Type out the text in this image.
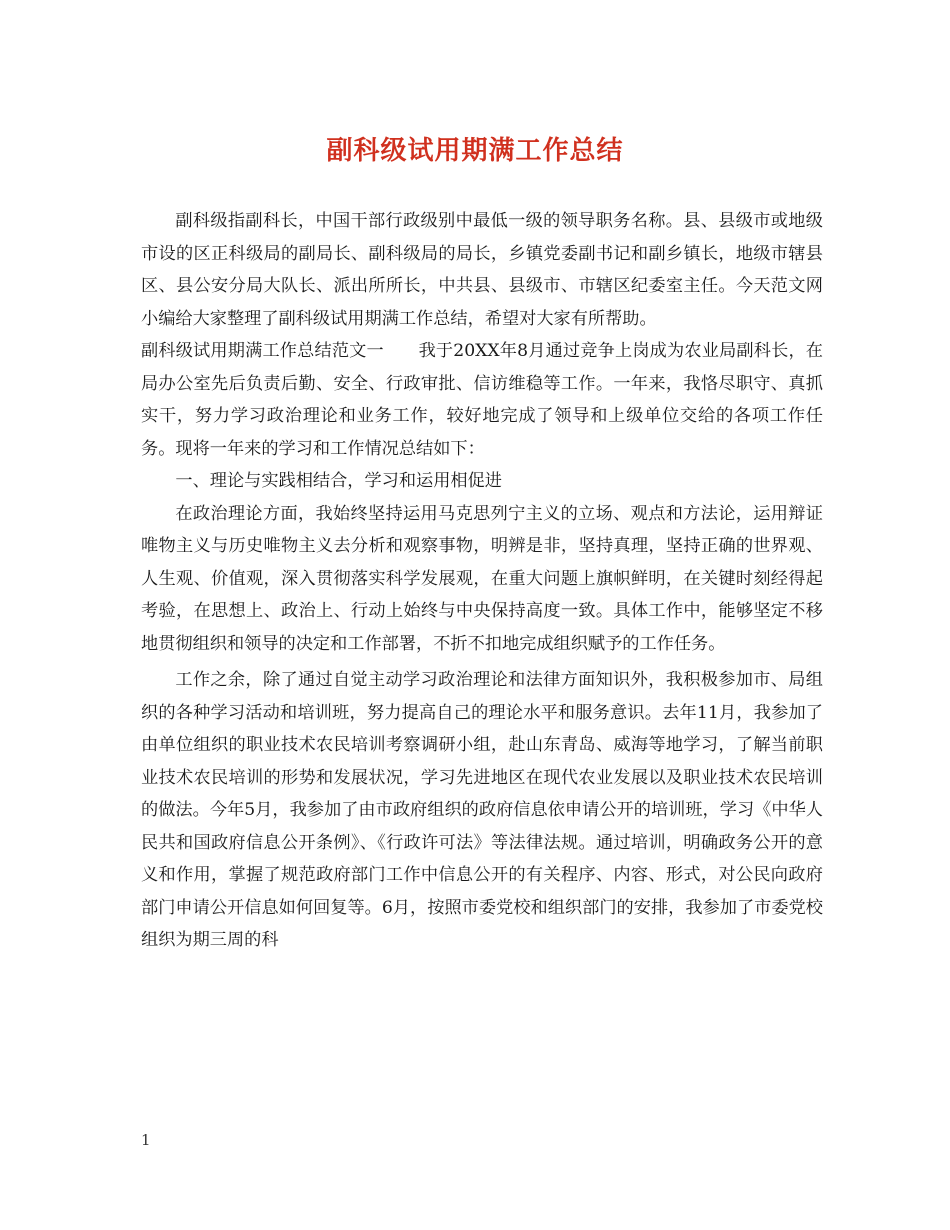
副科级试用期满工作总结

副科级指副科长，中国干部行政级别中最低一级的领导职务名称。县、县级市或地级市设的区正科级局的副局长、副科级局的局长，乡镇党委副书记和副乡镇长，地级市辖县区、县公安分局大队长、派出所所长，中共县、县级市、市辖区纪委室主任。今天范文网小编给大家整理了副科级试用期满工作总结，希望对大家有所帮助。

副科级试用期满工作总结范文一　　我于20XX年8月通过竞争上岗成为农业局副科长，在局办公室先后负责后勤、安全、行政审批、信访维稳等工作。一年来，我恪尽职守、真抓实干，努力学习政治理论和业务工作，较好地完成了领导和上级单位交给的各项工作任务。现将一年来的学习和工作情况总结如下：

一、理论与实践相结合，学习和运用相促进

在政治理论方面，我始终坚持运用马克思列宁主义的立场、观点和方法论，运用辩证唯物主义与历史唯物主义去分析和观察事物，明辨是非，坚持真理，坚持正确的世界观、人生观、价值观，深入贯彻落实科学发展观，在重大问题上旗帜鲜明，在关键时刻经得起考验，在思想上、政治上、行动上始终与中央保持高度一致。具体工作中，能够坚定不移地贯彻组织和领导的决定和工作部署，不折不扣地完成组织赋予的工作任务。

工作之余，除了通过自觉主动学习政治理论和法律方面知识外，我积极参加市、局组织的各种学习活动和培训班，努力提高自己的理论水平和服务意识。去年11月，我参加了由单位组织的职业技术农民培训考察调研小组，赴山东青岛、威海等地学习，了解当前职业技术农民培训的形势和发展状况，学习先进地区在现代农业发展以及职业技术农民培训的做法。今年5月，我参加了由市政府组织的政府信息依申请公开的培训班，学习《中华人民共和国政府信息公开条例》、《行政许可法》等法律法规。通过培训，明确政务公开的意义和作用，掌握了规范政府部门工作中信息公开的有关程序、内容、形式，对公民向政府部门申请公开信息如何回复等。6月，按照市委党校和组织部门的安排，我参加了市委党校组织为期三周的科

1
